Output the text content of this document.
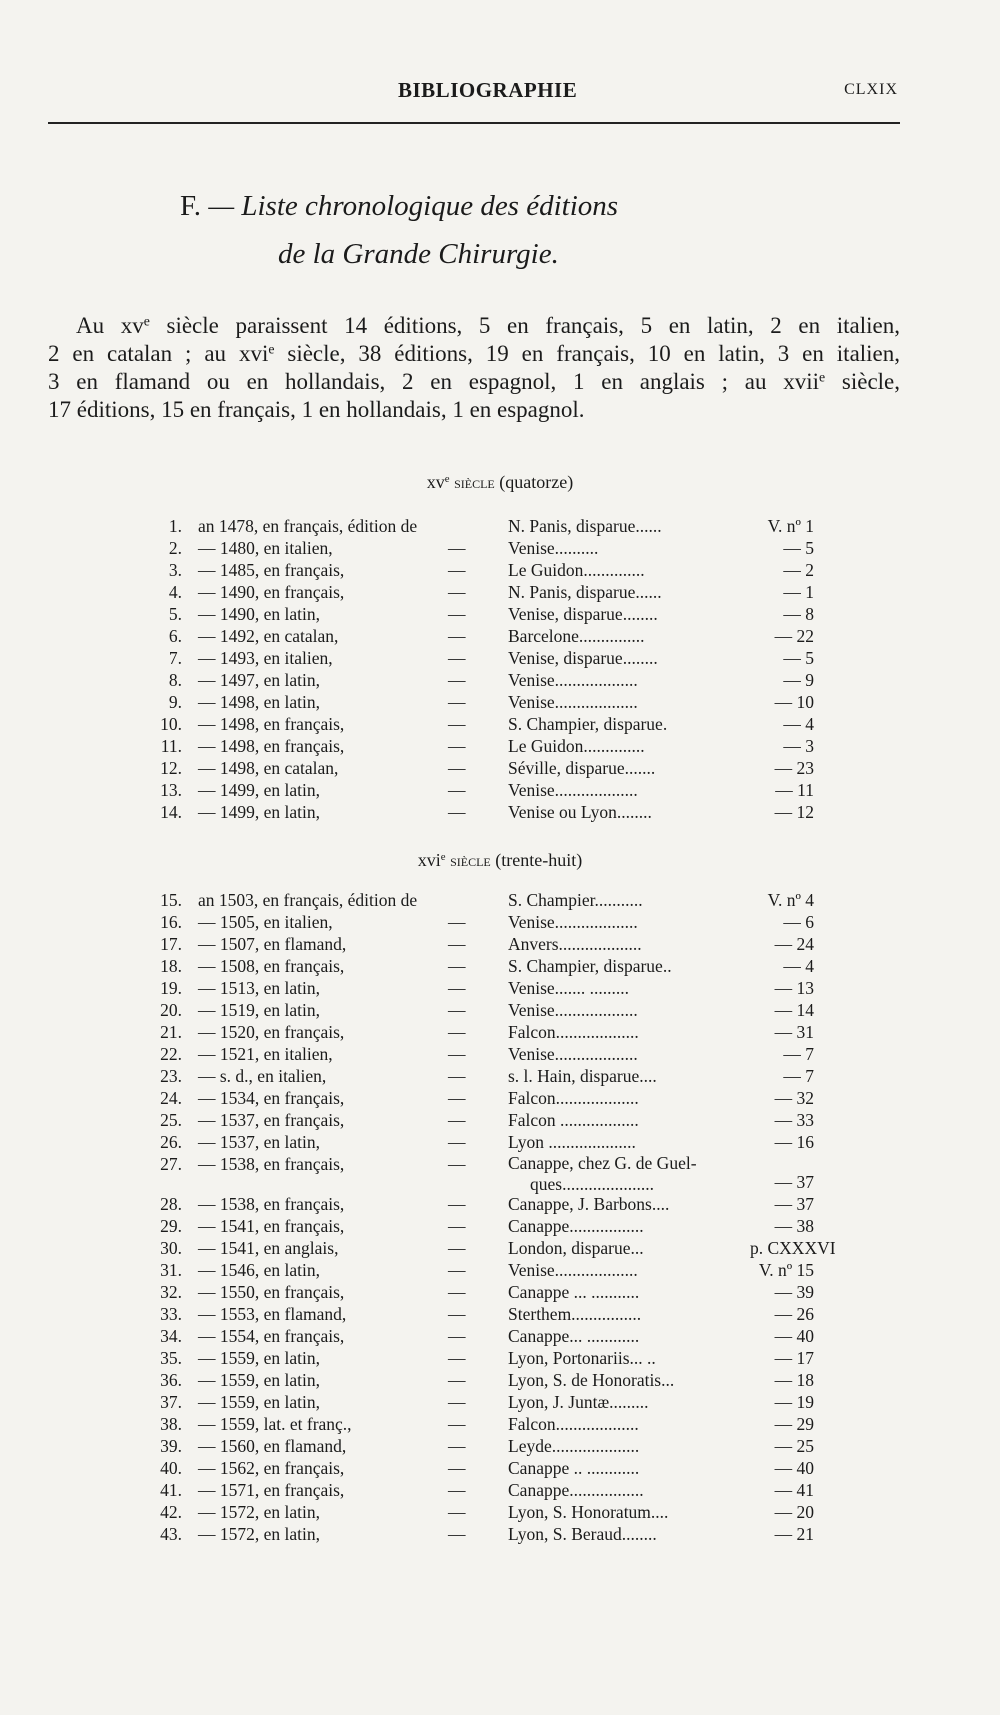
BIBLIOGRAPHIE	CLXIX
F. — Liste chronologique des éditions
de la Grande Chirurgie.
Au $xv^e$ siècle paraissent 14 éditions, 5 en français, 5 en latin, 2 en italien,
2 en catalan ; au xvi$^e$ siècle, 38 éditions, 19 en français, 10 en latin, 3 en italien,
3 en flamand ou en hollandais, 2 en espagnol, 1 en anglais ; au xvii$^e$ siècle,
17 éditions, 15 en français, 1 en hollandais, 1 en espagnol.
$xv^e$ siècle (quatorze)
1. an 1478, en français, édition de	N. Panis, disparue......	V. nº 1
2. — 1480, en italien,	— Venise..........	— 5
3. — 1485, en français,	— Le Guidon..............	— 2
4. — 1490, en français,	— N. Panis, disparue......	— 1
5. — 1490, en latin,	— Venise, disparue........	— 8
6. — 1492, en catalan,	— Barcelone...............	— 22
7. — 1493, en italien,	— Venise, disparue........	— 5
8. — 1497, en latin,	— Venise...................	— 9
9. — 1498, en latin,	— Venise...................	— 10
10. — 1498, en français,	— S. Champier, disparue.	— 4
11. — 1498, en français,	— Le Guidon..............	— 3
12. — 1498, en catalan,	— Séville, disparue.......	— 23
13. — 1499, en latin,	— Venise...................	— 11
14. — 1499, en latin,	— Venise ou Lyon........	— 12
xvi$^e$ siècle (trente-huit)
15. an 1503, en français, édition de	S. Champier...........	V. nº 4
16. — 1505, en italien,	— Venise...................	— 6
17. — 1507, en flamand,	— Anvers...................	— 24
18. — 1508, en français,	— S. Champier, disparue..	— 4
19. — 1513, en latin,	— Venise....... .........	— 13
20. — 1519, en latin,	— Venise...................	— 14
21. — 1520, en français,	— Falcon...................	— 31
22. — 1521, en italien,	— Venise...................	— 7
23. — s. d., en italien,	— s. l. Hain, disparue....	— 7
24. — 1534, en français,	— Falcon...................	— 32
25. — 1537, en français,	— Falcon ..................	— 33
26. — 1537, en latin,	— Lyon ....................	— 16
27. — 1538, en français,	— Canappe, chez G. de Guel-
ques.....................	— 37
28. — 1538, en français,	— Canappe, J. Barbons....	— 37
29. — 1541, en français,	— Canappe.................	— 38
30. — 1541, en anglais,	— London, disparue...	p. CXXXVI
31. — 1546, en latin,	— Venise...................	V. nº 15
32. — 1550, en français,	— Canappe ... ...........	— 39
33. — 1553, en flamand,	— Sterthem................	— 26
34. — 1554, en français,	— Canappe... ............	— 40
35. — 1559, en latin,	— Lyon, Portonariis... ..	— 17
36. — 1559, en latin,	— Lyon, S. de Honoratis...	— 18
37. — 1559, en latin,	— Lyon, J. Juntæ.........	— 19
38. — 1559, lat. et franç.,	— Falcon...................	— 29
39. — 1560, en flamand,	— Leyde....................	— 25
40. — 1562, en français,	— Canappe .. ............	— 40
41. — 1571, en français,	— Canappe.................	— 41
42. — 1572, en latin,	— Lyon, S. Honoratum....	— 20
43. — 1572, en latin,	— Lyon, S. Beraud........	— 21
